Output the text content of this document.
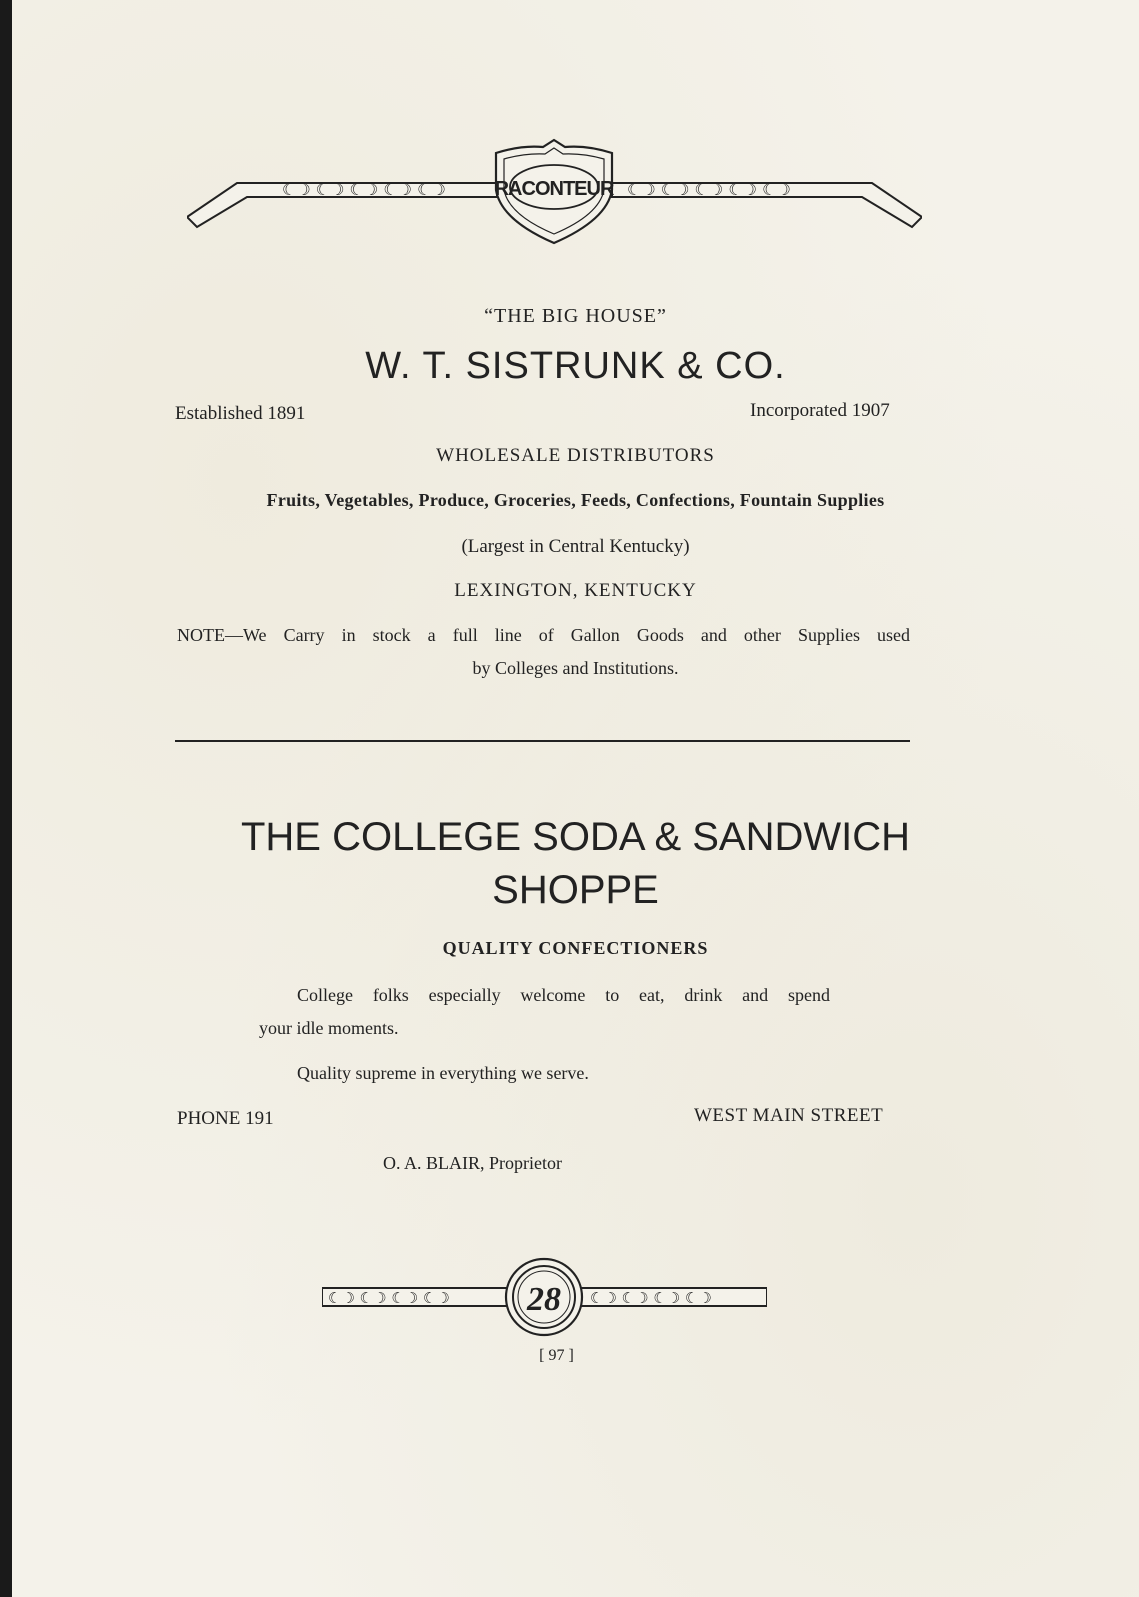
☾☽ ☾☽ ☾☽ ☾☽ ☾☽	☾☽ ☾☽ ☾☽ ☾☽ ☾☽
RACONTEUR
“THE BIG HOUSE”
W. T. SISTRUNK & CO.
Established 1891	Incorporated 1907
WHOLESALE DISTRIBUTORS
Fruits, Vegetables, Produce, Groceries, Feeds, Confections, Fountain Supplies
(Largest in Central Kentucky)
LEXINGTON, KENTUCKY
NOTE—We Carry in stock a full line of Gallon Goods and other Supplies used
by Colleges and Institutions.
THE COLLEGE SODA & SANDWICH
SHOPPE
QUALITY CONFECTIONERS
College folks especially welcome to eat, drink and spend
your idle moments.
Quality supreme in everything we serve.
PHONE 191	WEST MAIN STREET
O. A. BLAIR, Proprietor
☾☽ ☾☽ ☾☽ ☾☽	☾☽ ☾☽ ☾☽ ☾☽
28
[ 97 ]
